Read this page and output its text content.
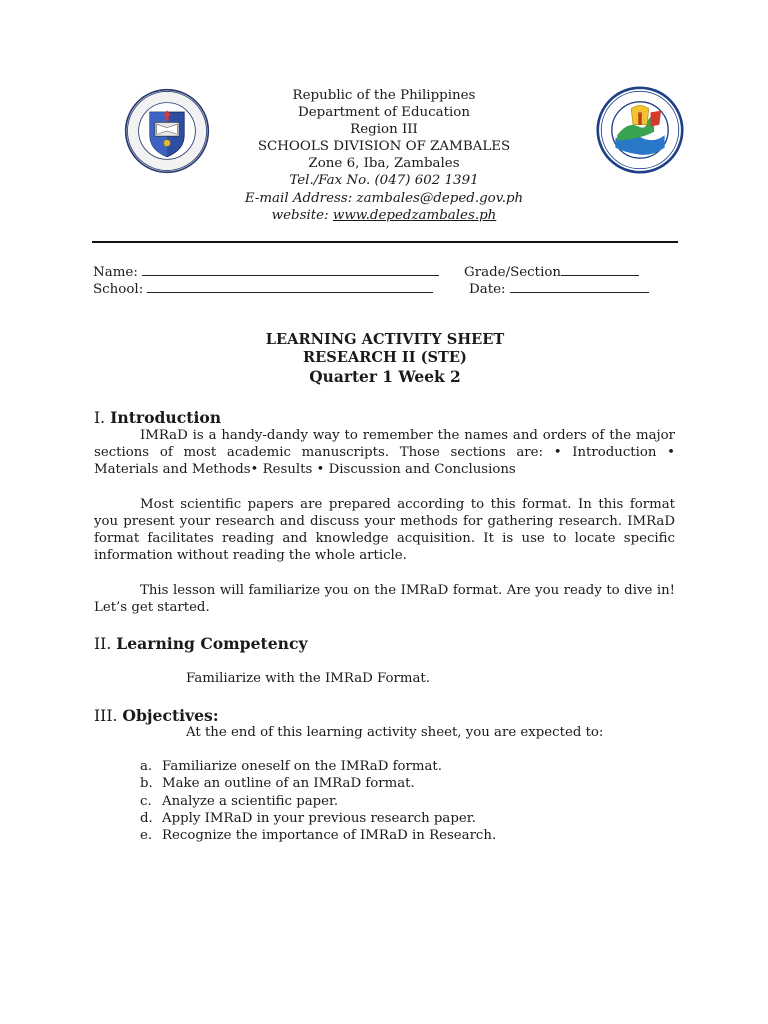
Republic of the Philippines
Department of Education
Region III
SCHOOLS DIVISION OF ZAMBALES
Zone 6, Iba, Zambales
Tel./Fax No. (047) 602 1391
E-mail Address: zambales@deped.gov.ph
website: www.depedzambales.ph
Name:	Grade/Section
School:	Date:
LEARNING ACTIVITY SHEET
RESEARCH II (STE)
Quarter 1 Week 2
I. Introduction
IMRaD is a handy-dandy way to remember the names and orders of the major sections of most academic manuscripts. Those sections are: • Introduction • Materials and Methods• Results • Discussion and Conclusions
Most scientific papers are prepared according to this format. In this format you present your research and discuss your methods for gathering research. IMRaD format facilitates reading and knowledge acquisition. It is use to locate specific information without reading the whole article.
This lesson will familiarize you on the IMRaD format. Are you ready to dive in! Let’s get started.
II. Learning Competency
Familiarize with the IMRaD Format.
III. Objectives:
At the end of this learning activity sheet, you are expected to:
a. Familiarize oneself on the IMRaD format.
b. Make an outline of an IMRaD format.
c. Analyze a scientific paper.
d. Apply IMRaD in your previous research paper.
e. Recognize the importance of IMRaD in Research.
